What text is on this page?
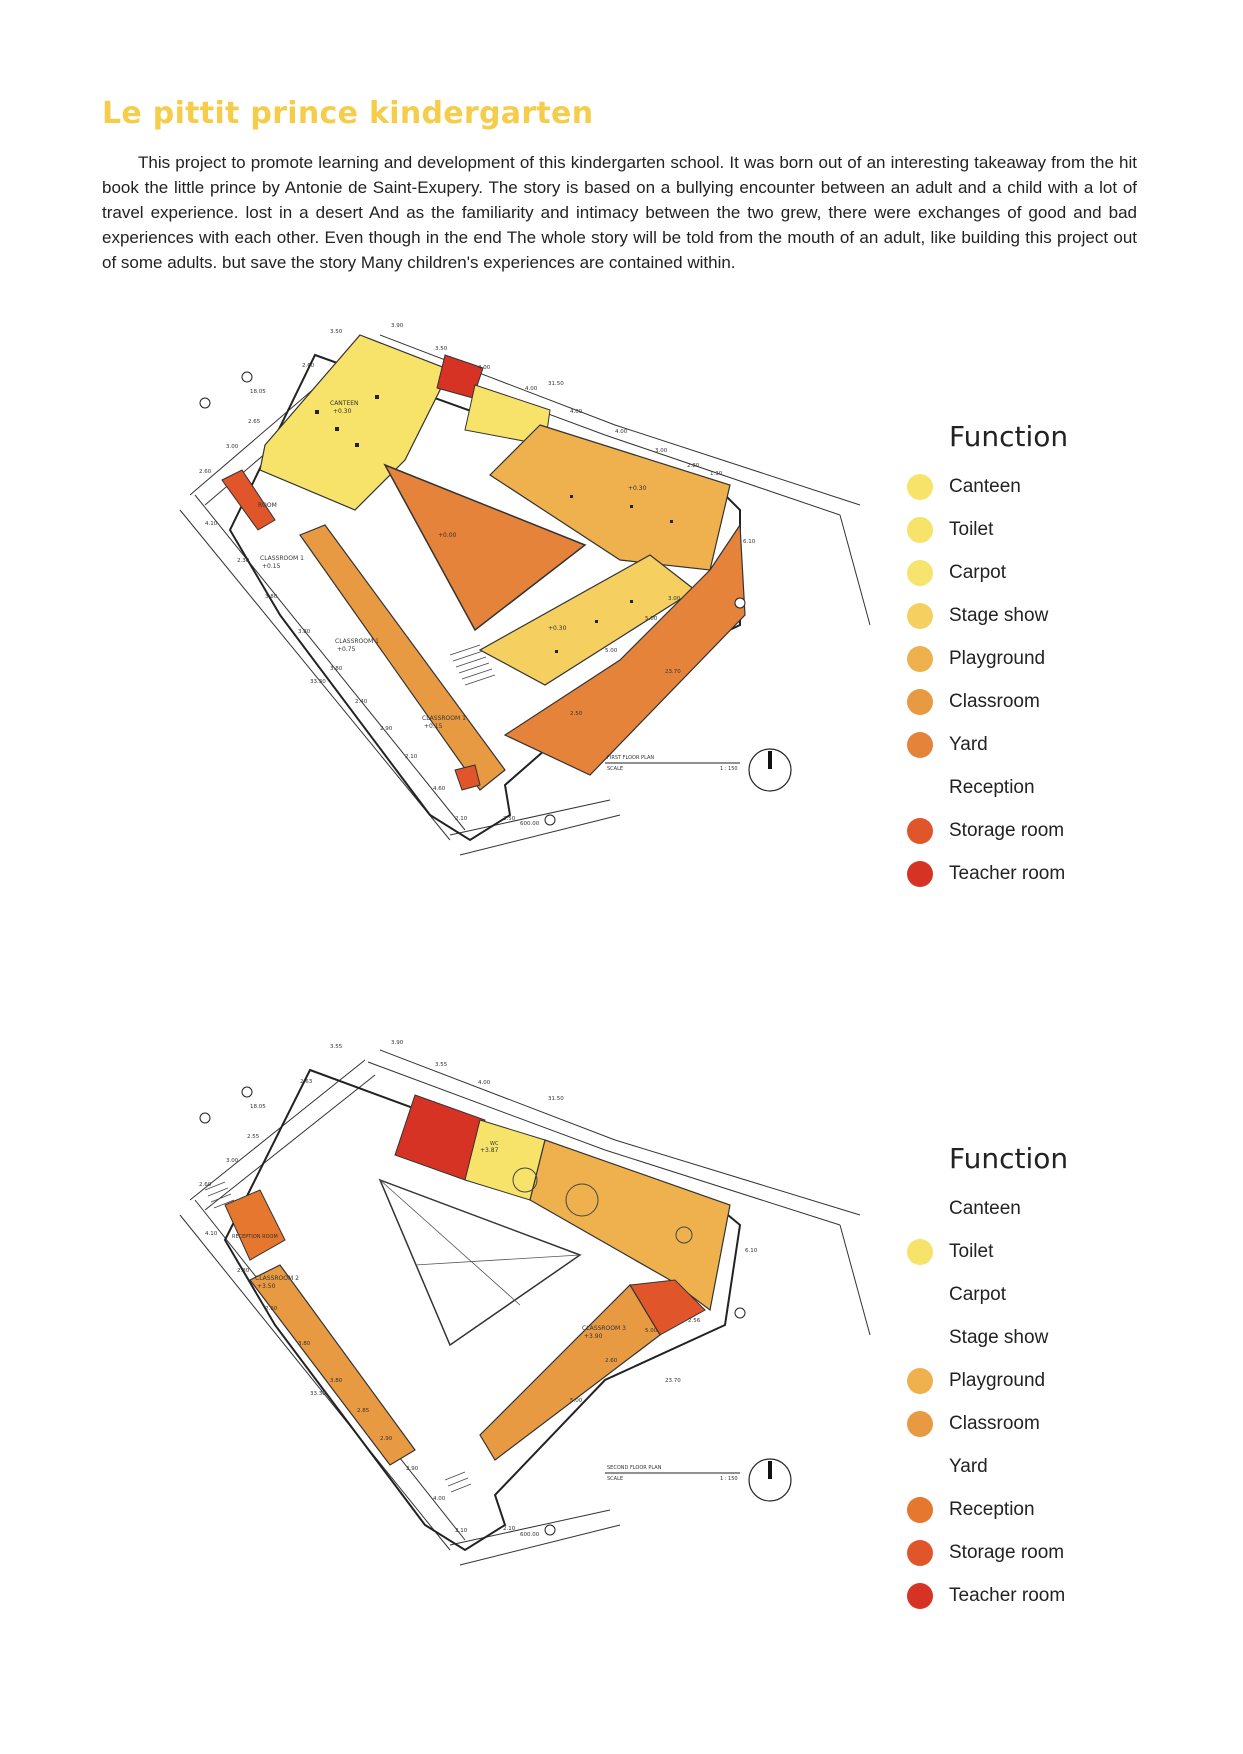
Le pittit prince kindergarten

This project to promote learning and development of this kindergarten school. It was born out of an interesting takeaway from the hit book the little prince by Antonie de Saint-Exupery. The story is based on a bullying encounter between an adult and a child with a lot of travel experience. lost in a desert And as the familiarity and intimacy between the two grew, there were exchanges of good and bad experiences with each other. Even though in the end The whole story will be told from the mouth of an adult, like building this project out of some adults. but save the story Many children's experiences are contained within.

CANTEEN
+0.30
CLASSROOM 1
+0.15
CLASSROOM 1
+0.75
CLASSROOM 1
+0.15
+0.00
+0.30
+0.30
ROOM
3.50
3.90
3.50
4.00
31.50
4.00
4.00
4.00
3.00
2.80
1.30
6.10
2.60
18.05
2.65
3.00
2.60
4.10
2.30
3.80
3.80
3.80
2.40
2.90
2.10
4.60
2.10	2.50
600.00
33.30
23.70
5.00
5.00
3.00
2.50
FIRST FLOOR PLAN
SCALE	1 : 150
Function
Canteen
Toilet
Carpot
Stage show
Playground
Classroom
Yard
Reception
Storage room
Teacher room
CLASSROOM 2
+3.50
CLASSROOM 3
+3.90
+3.87
RECEPTION ROOM
WC
3.55
3.90
3.55
4.00
31.50
2.63
18.05
2.55
3.00
2.60
4.10
2.30
2.60
3.80
3.80
2.85
2.90
2.90
4.00
2.10	2.10
600.00
33.30
6.10
2.56
5.00
2.60
5.00
23.70
SECOND FLOOR PLAN
SCALE	1 : 150
Function
Canteen
Toilet
Carpot
Stage show
Playground
Classroom
Yard
Reception
Storage room
Teacher room
